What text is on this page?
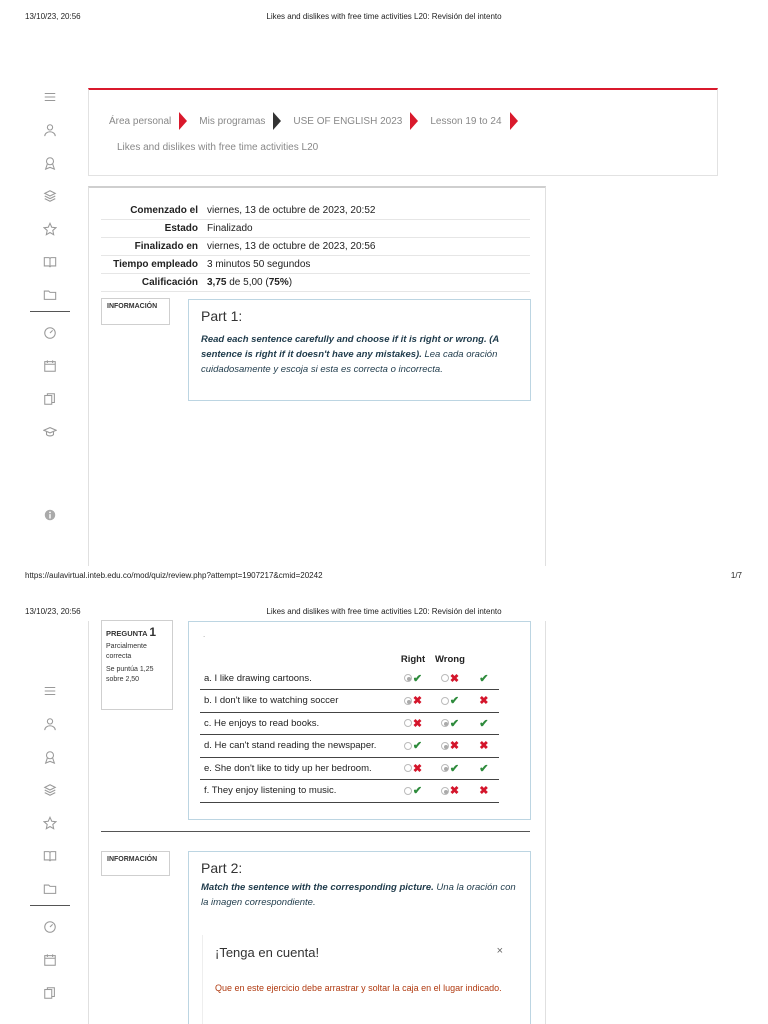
13/10/23, 20:56	Likes and dislikes with free time activities L20: Revisión del intento
Área personal	Mis programas	USE OF ENGLISH 2023	Lesson 19 to 24
Likes and dislikes with free time activities L20
Comenzado el	viernes, 13 de octubre de 2023, 20:52
Estado	Finalizado
Finalizado en	viernes, 13 de octubre de 2023, 20:56
Tiempo empleado	3 minutos 50 segundos
Calificación	3,75 de 5,00 (75%)
INFORMACIÓN
Part 1:
Read each sentence carefully and choose if it is right or wrong. (A sentence is right if it doesn't have any mistakes). Lea cada oración cuidadosamente y escoja si esta es correcta o incorrecta.
https://aulavirtual.inteb.edu.co/mod/quiz/review.php?attempt=1907217&cmid=20242	1/7
13/10/23, 20:56	Likes and dislikes with free time activities L20: Revisión del intento
PREGUNTA 1
Parcialmente correcta
Se puntúa 1,25 sobre 2,50
.
	Right	Wrong	
a. I like drawing cartoons.	✔	✖	✔
b. I don't like to watching soccer	✖	✔	✖
c. He enjoys to read books.	✖	✔	✔
d. He can't stand reading the newspaper.	✔	✖	✖
e. She don't like to tidy up her bedroom.	✖	✔	✔
f. They enjoy listening to music.	✔	✖	✖
INFORMACIÓN
Part 2:
Match the sentence with the corresponding picture. Una la oración con la imagen correspondiente.
¡Tenga en cuenta!	×
Que en este ejercicio debe arrastrar y soltar la caja en el lugar indicado.
